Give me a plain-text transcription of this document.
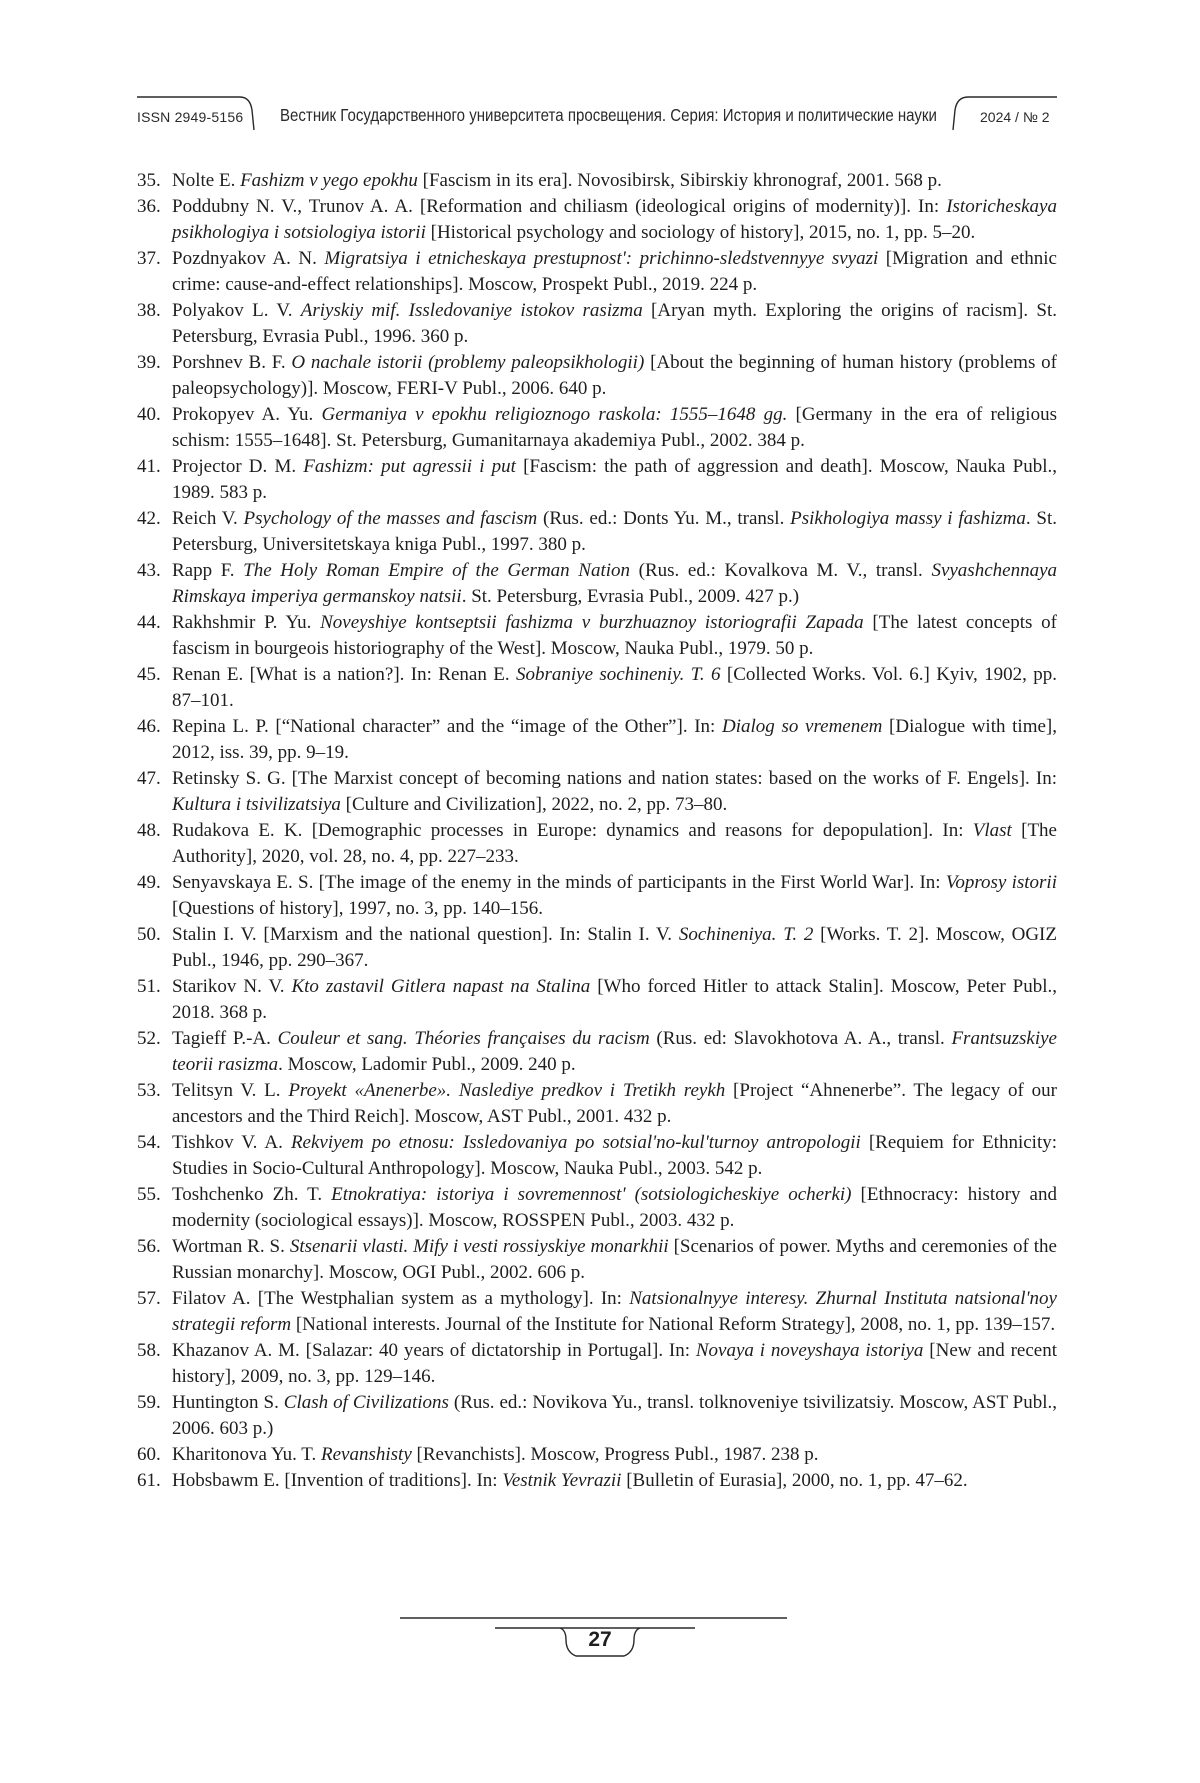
ISSN 2949-5156 Вестник Государственного университета просвещения. Серия: История и политические науки	2024 / № 2
35. Nolte E. Fashizm v yego epokhu [Fascism in its era]. Novosibirsk, Sibirskiy khronograf, 2001. 568 p.
36. Poddubny N. V., Trunov A. A. [Reformation and chiliasm (ideological origins of modernity)]. In: Istoricheskaya psikhologiya i sotsiologiya istorii [Historical psychology and sociology of history], 2015, no. 1, pp. 5–20.
37. Pozdnyakov A. N. Migratsiya i etnicheskaya prestupnost': prichinno-sledstvennyye svyazi [Migration and ethnic crime: cause-and-effect relationships]. Moscow, Prospekt Publ., 2019. 224 p.
38. Polyakov L. V. Ariyskiy mif. Issledovaniye istokov rasizma [Aryan myth. Exploring the origins of racism]. St. Petersburg, Evrasia Publ., 1996. 360 p.
39. Porshnev B. F. O nachale istorii (problemy paleopsikhologii) [About the beginning of human history (problems of paleopsychology)]. Moscow, FERI-V Publ., 2006. 640 p.
40. Prokopyev A. Yu. Germaniya v epokhu religioznogo raskola: 1555–1648 gg. [Germany in the era of religious schism: 1555–1648]. St. Petersburg, Gumanitarnaya akademiya Publ., 2002. 384 p.
41. Projector D. M. Fashizm: put agressii i put [Fascism: the path of aggression and death]. Moscow, Nauka Publ., 1989. 583 p.
42. Reich V. Psychology of the masses and fascism (Rus. ed.: Donts Yu. M., transl. Psikhologiya massy i fashizma. St. Petersburg, Universitetskaya kniga Publ., 1997. 380 p.
43. Rapp F. The Holy Roman Empire of the German Nation (Rus. ed.: Kovalkova M. V., transl. Svyashchennaya Rimskaya imperiya germanskoy natsii. St. Petersburg, Evrasia Publ., 2009. 427 p.)
44. Rakhshmir P. Yu. Noveyshiye kontseptsii fashizma v burzhuaznoy istoriografii Zapada [The latest concepts of fascism in bourgeois historiography of the West]. Moscow, Nauka Publ., 1979. 50 p.
45. Renan E. [What is a nation?]. In: Renan E. Sobraniye sochineniy. T. 6 [Collected Works. Vol. 6.] Kyiv, 1902, pp. 87–101.
46. Repina L. P. [“National character” and the “image of the Other”]. In: Dialog so vremenem [Dialogue with time], 2012, iss. 39, pp. 9–19.
47. Retinsky S. G. [The Marxist concept of becoming nations and nation states: based on the works of F. Engels]. In: Kultura i tsivilizatsiya [Culture and Civilization], 2022, no. 2, pp. 73–80.
48. Rudakova E. K. [Demographic processes in Europe: dynamics and reasons for depopulation]. In: Vlast [The Authority], 2020, vol. 28, no. 4, pp. 227–233.
49. Senyavskaya E. S. [The image of the enemy in the minds of participants in the First World War]. In: Voprosy istorii [Questions of history], 1997, no. 3, pp. 140–156.
50. Stalin I. V. [Marxism and the national question]. In: Stalin I. V. Sochineniya. T. 2 [Works. T. 2]. Moscow, OGIZ Publ., 1946, pp. 290–367.
51. Starikov N. V. Kto zastavil Gitlera napast na Stalina [Who forced Hitler to attack Stalin]. Moscow, Peter Publ., 2018. 368 p.
52. Tagieff P.-A. Couleur et sang. Théories françaises du racism (Rus. ed: Slavokhotova A. A., transl. Frantsuzskiye teorii rasizma. Moscow, Ladomir Publ., 2009. 240 p.
53. Telitsyn V. L. Proyekt «Anenerbe». Naslediye predkov i Tretikh reykh [Project “Ahnenerbe”. The legacy of our ancestors and the Third Reich]. Moscow, AST Publ., 2001. 432 p.
54. Tishkov V. A. Rekviyem po etnosu: Issledovaniya po sotsial'no-kul'turnoy antropologii [Requiem for Ethnicity: Studies in Socio-Cultural Anthropology]. Moscow, Nauka Publ., 2003. 542 p.
55. Toshchenko Zh. T. Etnokratiya: istoriya i sovremennost' (sotsiologicheskiye ocherki) [Ethnocracy: history and modernity (sociological essays)]. Moscow, ROSSPEN Publ., 2003. 432 p.
56. Wortman R. S. Stsenarii vlasti. Mify i vesti rossiyskiye monarkhii [Scenarios of power. Myths and ceremonies of the Russian monarchy]. Moscow, OGI Publ., 2002. 606 p.
57. Filatov A. [The Westphalian system as a mythology]. In: Natsionalnyye interesy. Zhurnal Instituta natsional'noy strategii reform [National interests. Journal of the Institute for National Reform Strategy], 2008, no. 1, pp. 139–157.
58. Khazanov A. M. [Salazar: 40 years of dictatorship in Portugal]. In: Novaya i noveyshaya istoriya [New and recent history], 2009, no. 3, pp. 129–146.
59. Huntington S. Clash of Civilizations (Rus. ed.: Novikova Yu., transl. tolknoveniye tsivilizatsiy. Moscow, AST Publ., 2006. 603 p.)
60. Kharitonova Yu. T. Revanshisty [Revanchists]. Moscow, Progress Publ., 1987. 238 p.
61. Hobsbawm E. [Invention of traditions]. In: Vestnik Yevrazii [Bulletin of Eurasia], 2000, no. 1, pp. 47–62.
27
